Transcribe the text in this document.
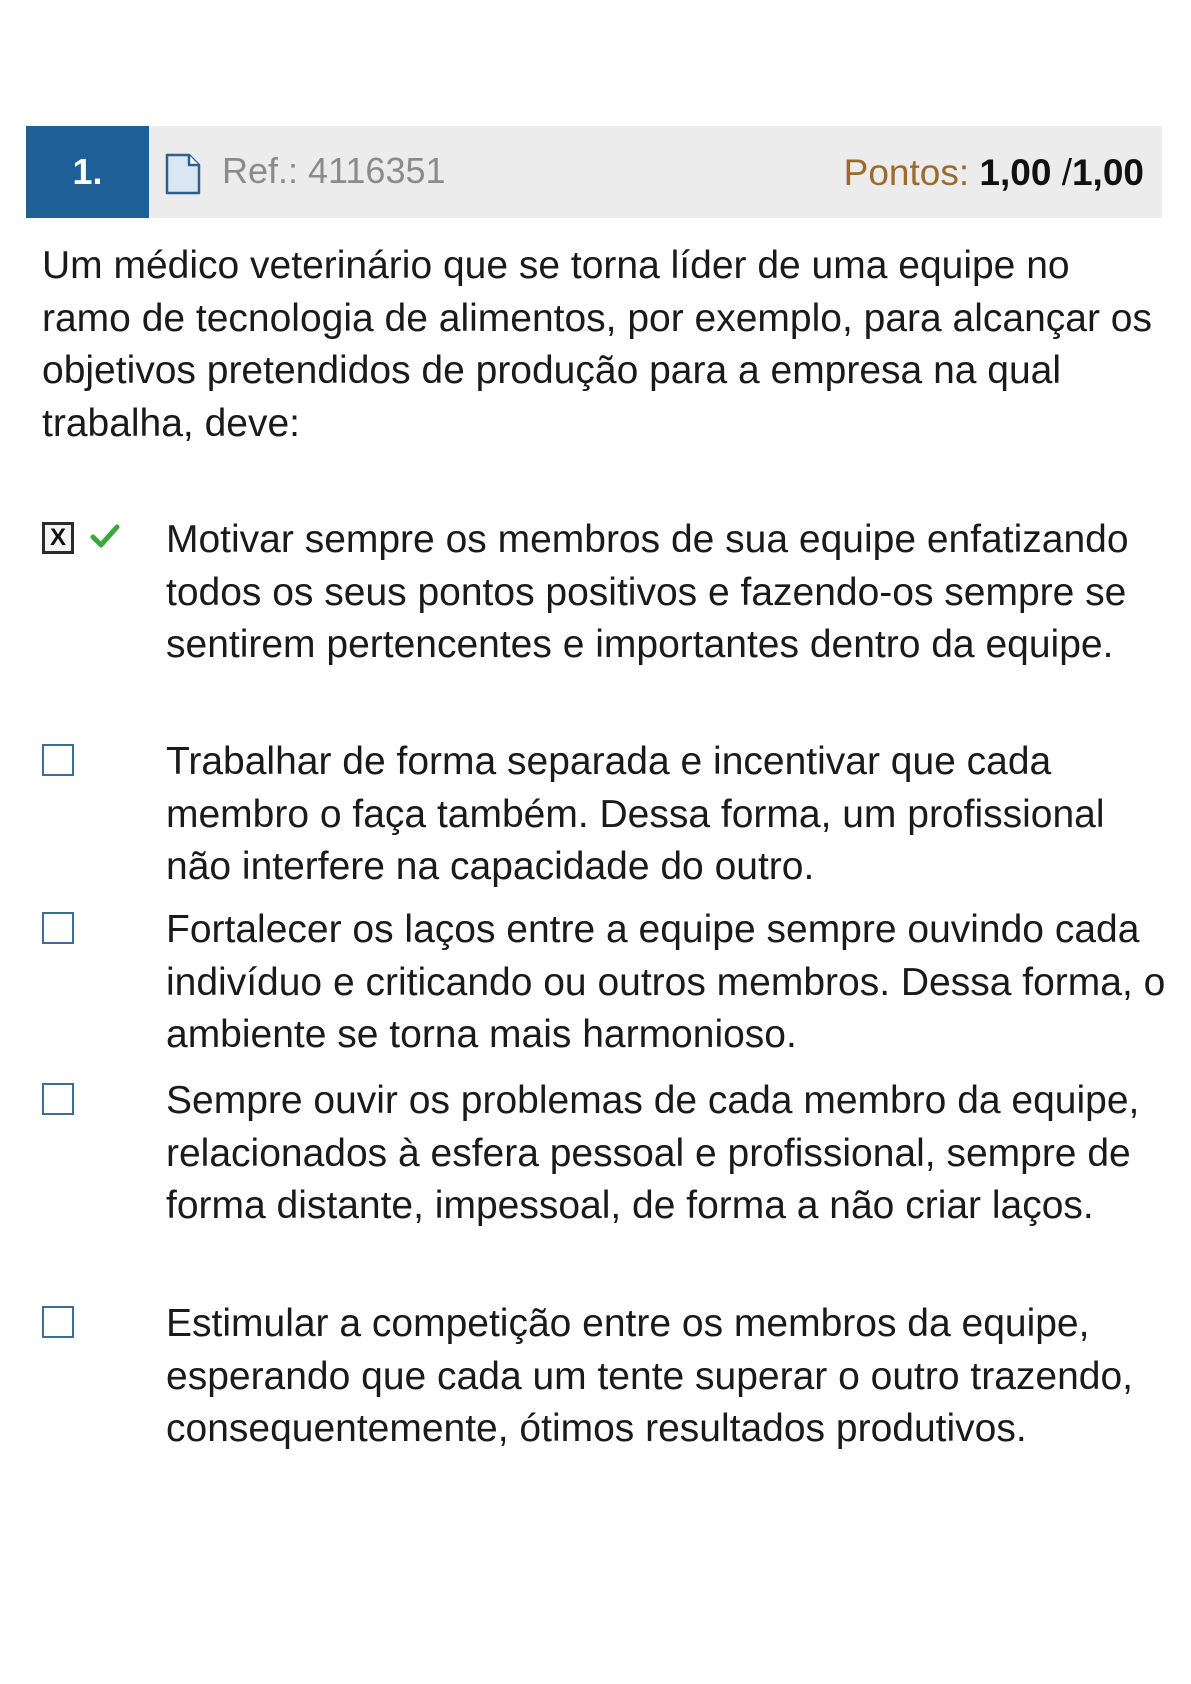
1.	Ref.: 4116351	Pontos: 1,00 /1,00

Um médico veterinário que se torna líder de uma equipe no ramo de tecnologia de alimentos, por exemplo, para alcançar os objetivos pretendidos de produção para a empresa na qual trabalha, deve:

X	Motivar sempre os membros de sua equipe enfatizando todos os seus pontos positivos e fazendo-os sempre se sentirem pertencentes e importantes dentro da equipe.

Trabalhar de forma separada e incentivar que cada membro o faça também. Dessa forma, um profissional não interfere na capacidade do outro.

Fortalecer os laços entre a equipe sempre ouvindo cada indivíduo e criticando ou outros membros. Dessa forma, o ambiente se torna mais harmonioso.

Sempre ouvir os problemas de cada membro da equipe, relacionados à esfera pessoal e profissional, sempre de forma distante, impessoal, de forma a não criar laços.

Estimular a competição entre os membros da equipe, esperando que cada um tente superar o outro trazendo, consequentemente, ótimos resultados produtivos.
